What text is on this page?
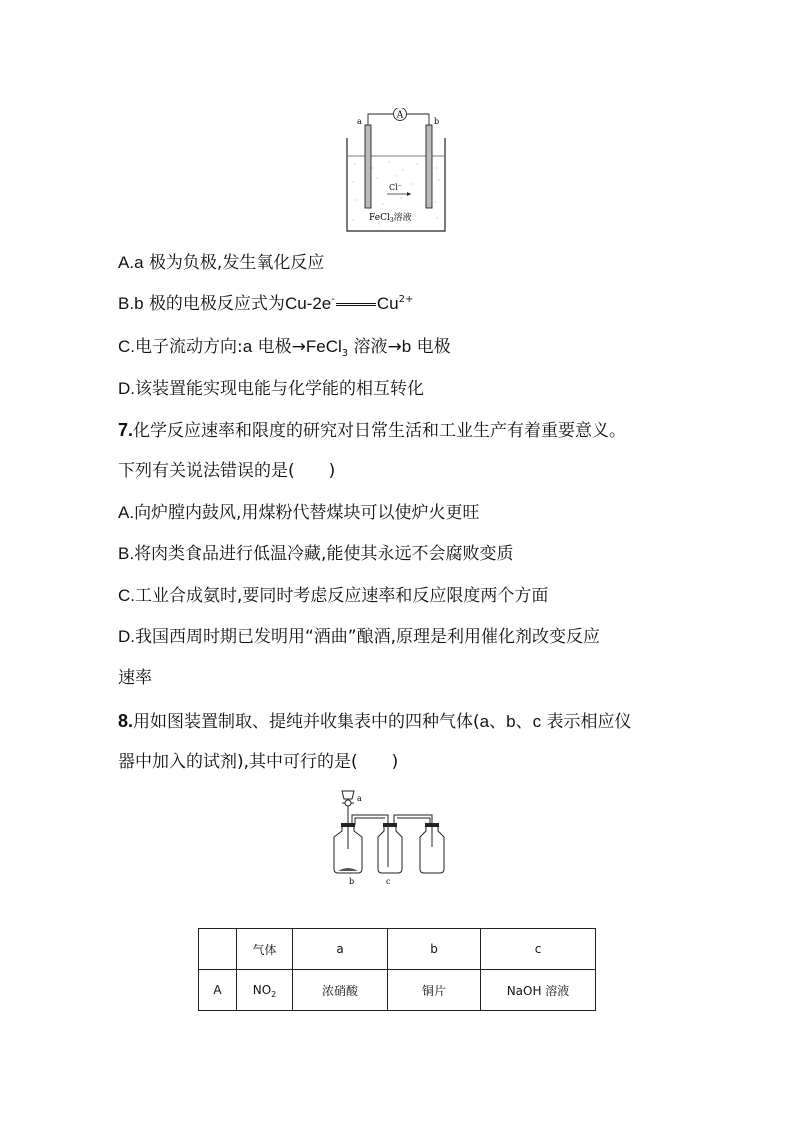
A
a	b
Cl⁻
FeCl$_3$溶液
A.a 极为负极,发生氧化反应
B.b 极的电极反应式为Cu-2e- $Cu^{2+}$
C.电子流动方向:a 电极→FeCl$_3$ 溶液→b 电极
D.该装置能实现电能与化学能的相互转化
7.化学反应速率和限度的研究对日常生活和工业生产有着重要意义。
下列有关说法错误的是(　　)
A.向炉膛内鼓风,用煤粉代替煤块可以使炉火更旺
B.将肉类食品进行低温冷藏,能使其永远不会腐败变质
C.工业合成氨时,要同时考虑反应速率和反应限度两个方面
D.我国西周时期已发明用“酒曲”酿酒,原理是利用催化剂改变反应
速率
8.用如图装置制取、提纯并收集表中的四种气体(a、b、c 表示相应仪
器中加入的试剂),其中可行的是(　　)
a
b	c
	气体	a	b	c
A	$NO_2$	浓硝酸	铜片	NaOH 溶液
